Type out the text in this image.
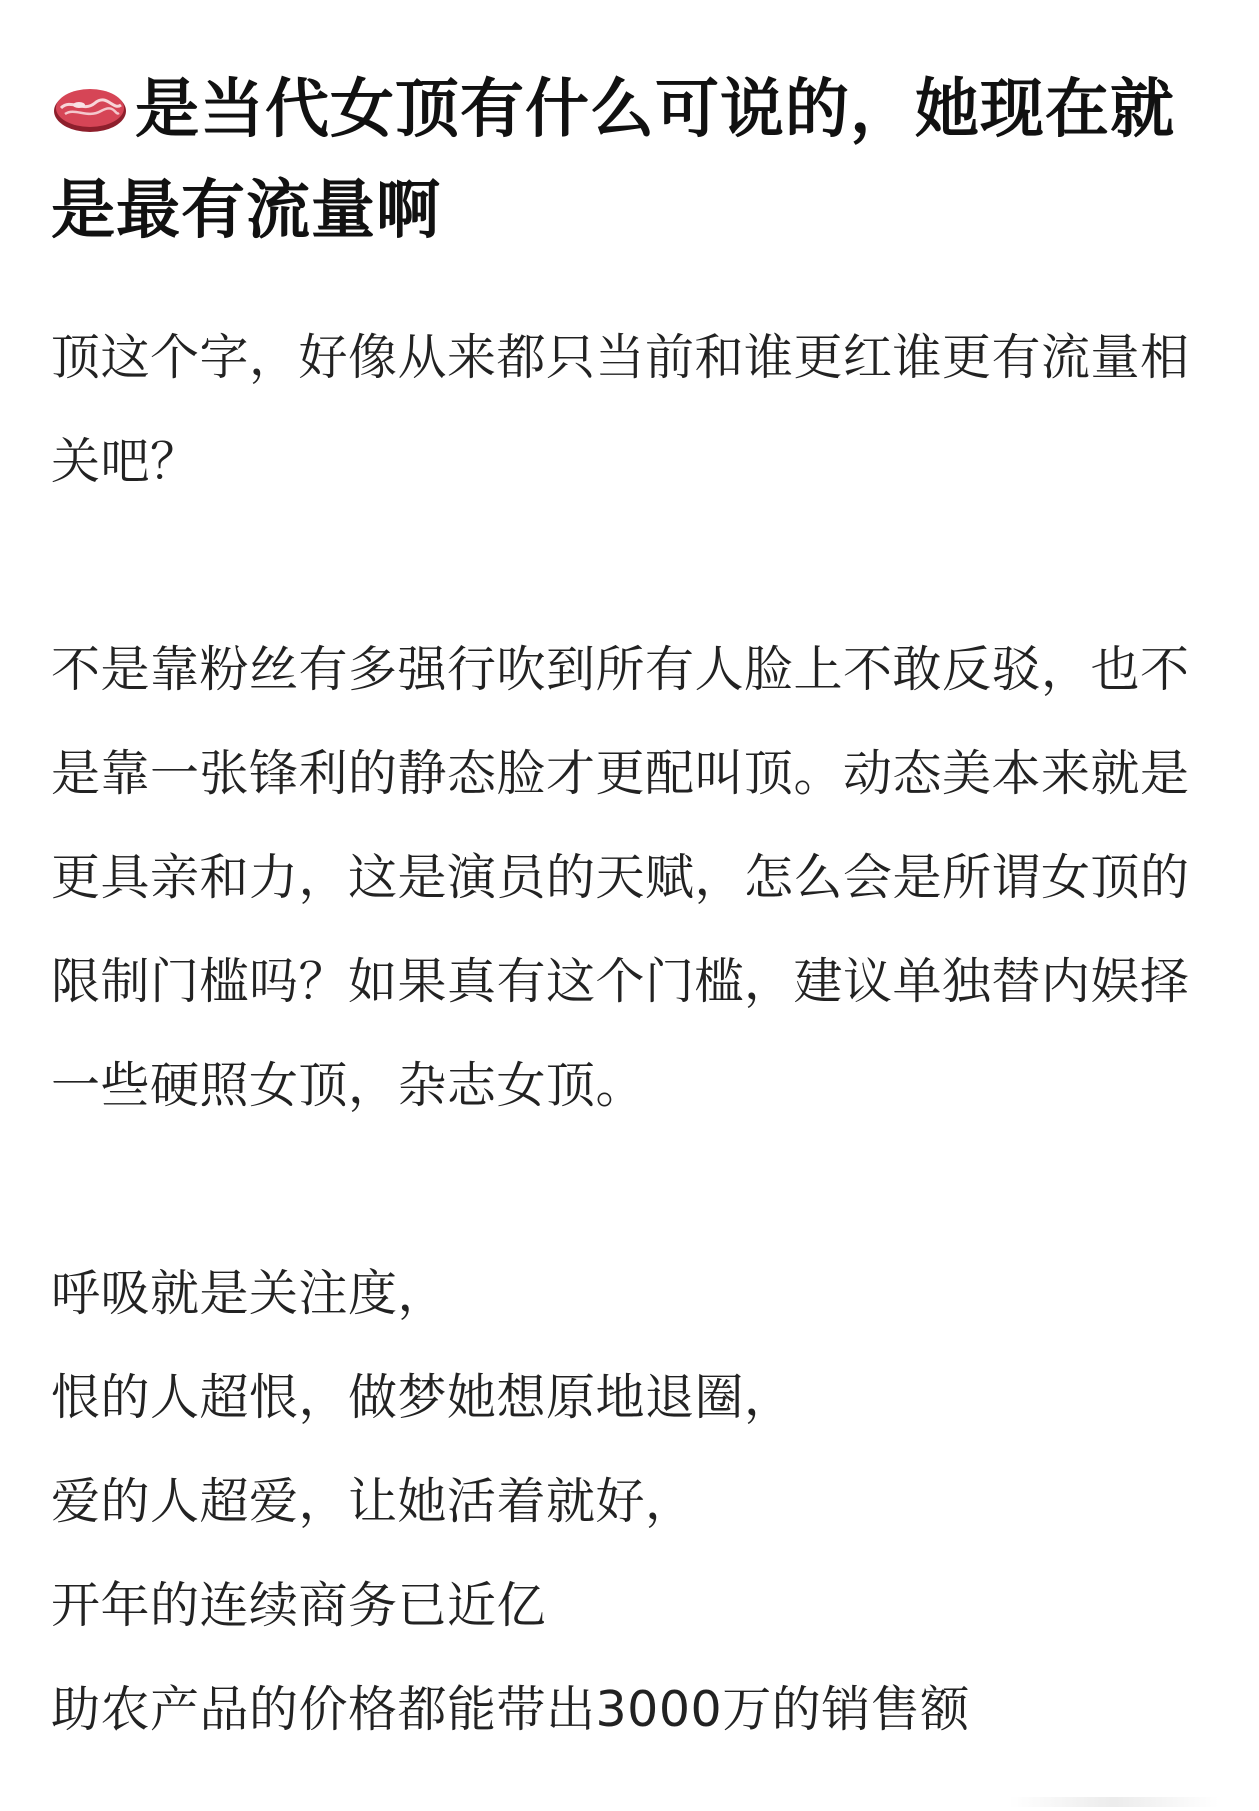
是当代女顶有什么可说的，她现在就是最有流量啊

顶这个字，好像从来都只当前和谁更红谁更有流量相关吧？

不是靠粉丝有多强行吹到所有人脸上不敢反驳，也不是靠一张锋利的静态脸才更配叫顶。动态美本来就是更具亲和力，这是演员的天赋，怎么会是所谓女顶的限制门槛吗？如果真有这个门槛，建议单独替内娱择一些硬照女顶，杂志女顶。

呼吸就是关注度，
恨的人超恨，做梦她想原地退圈，
爱的人超爱，让她活着就好，
开年的连续商务已近亿
助农产品的价格都能带出3000万的销售额
